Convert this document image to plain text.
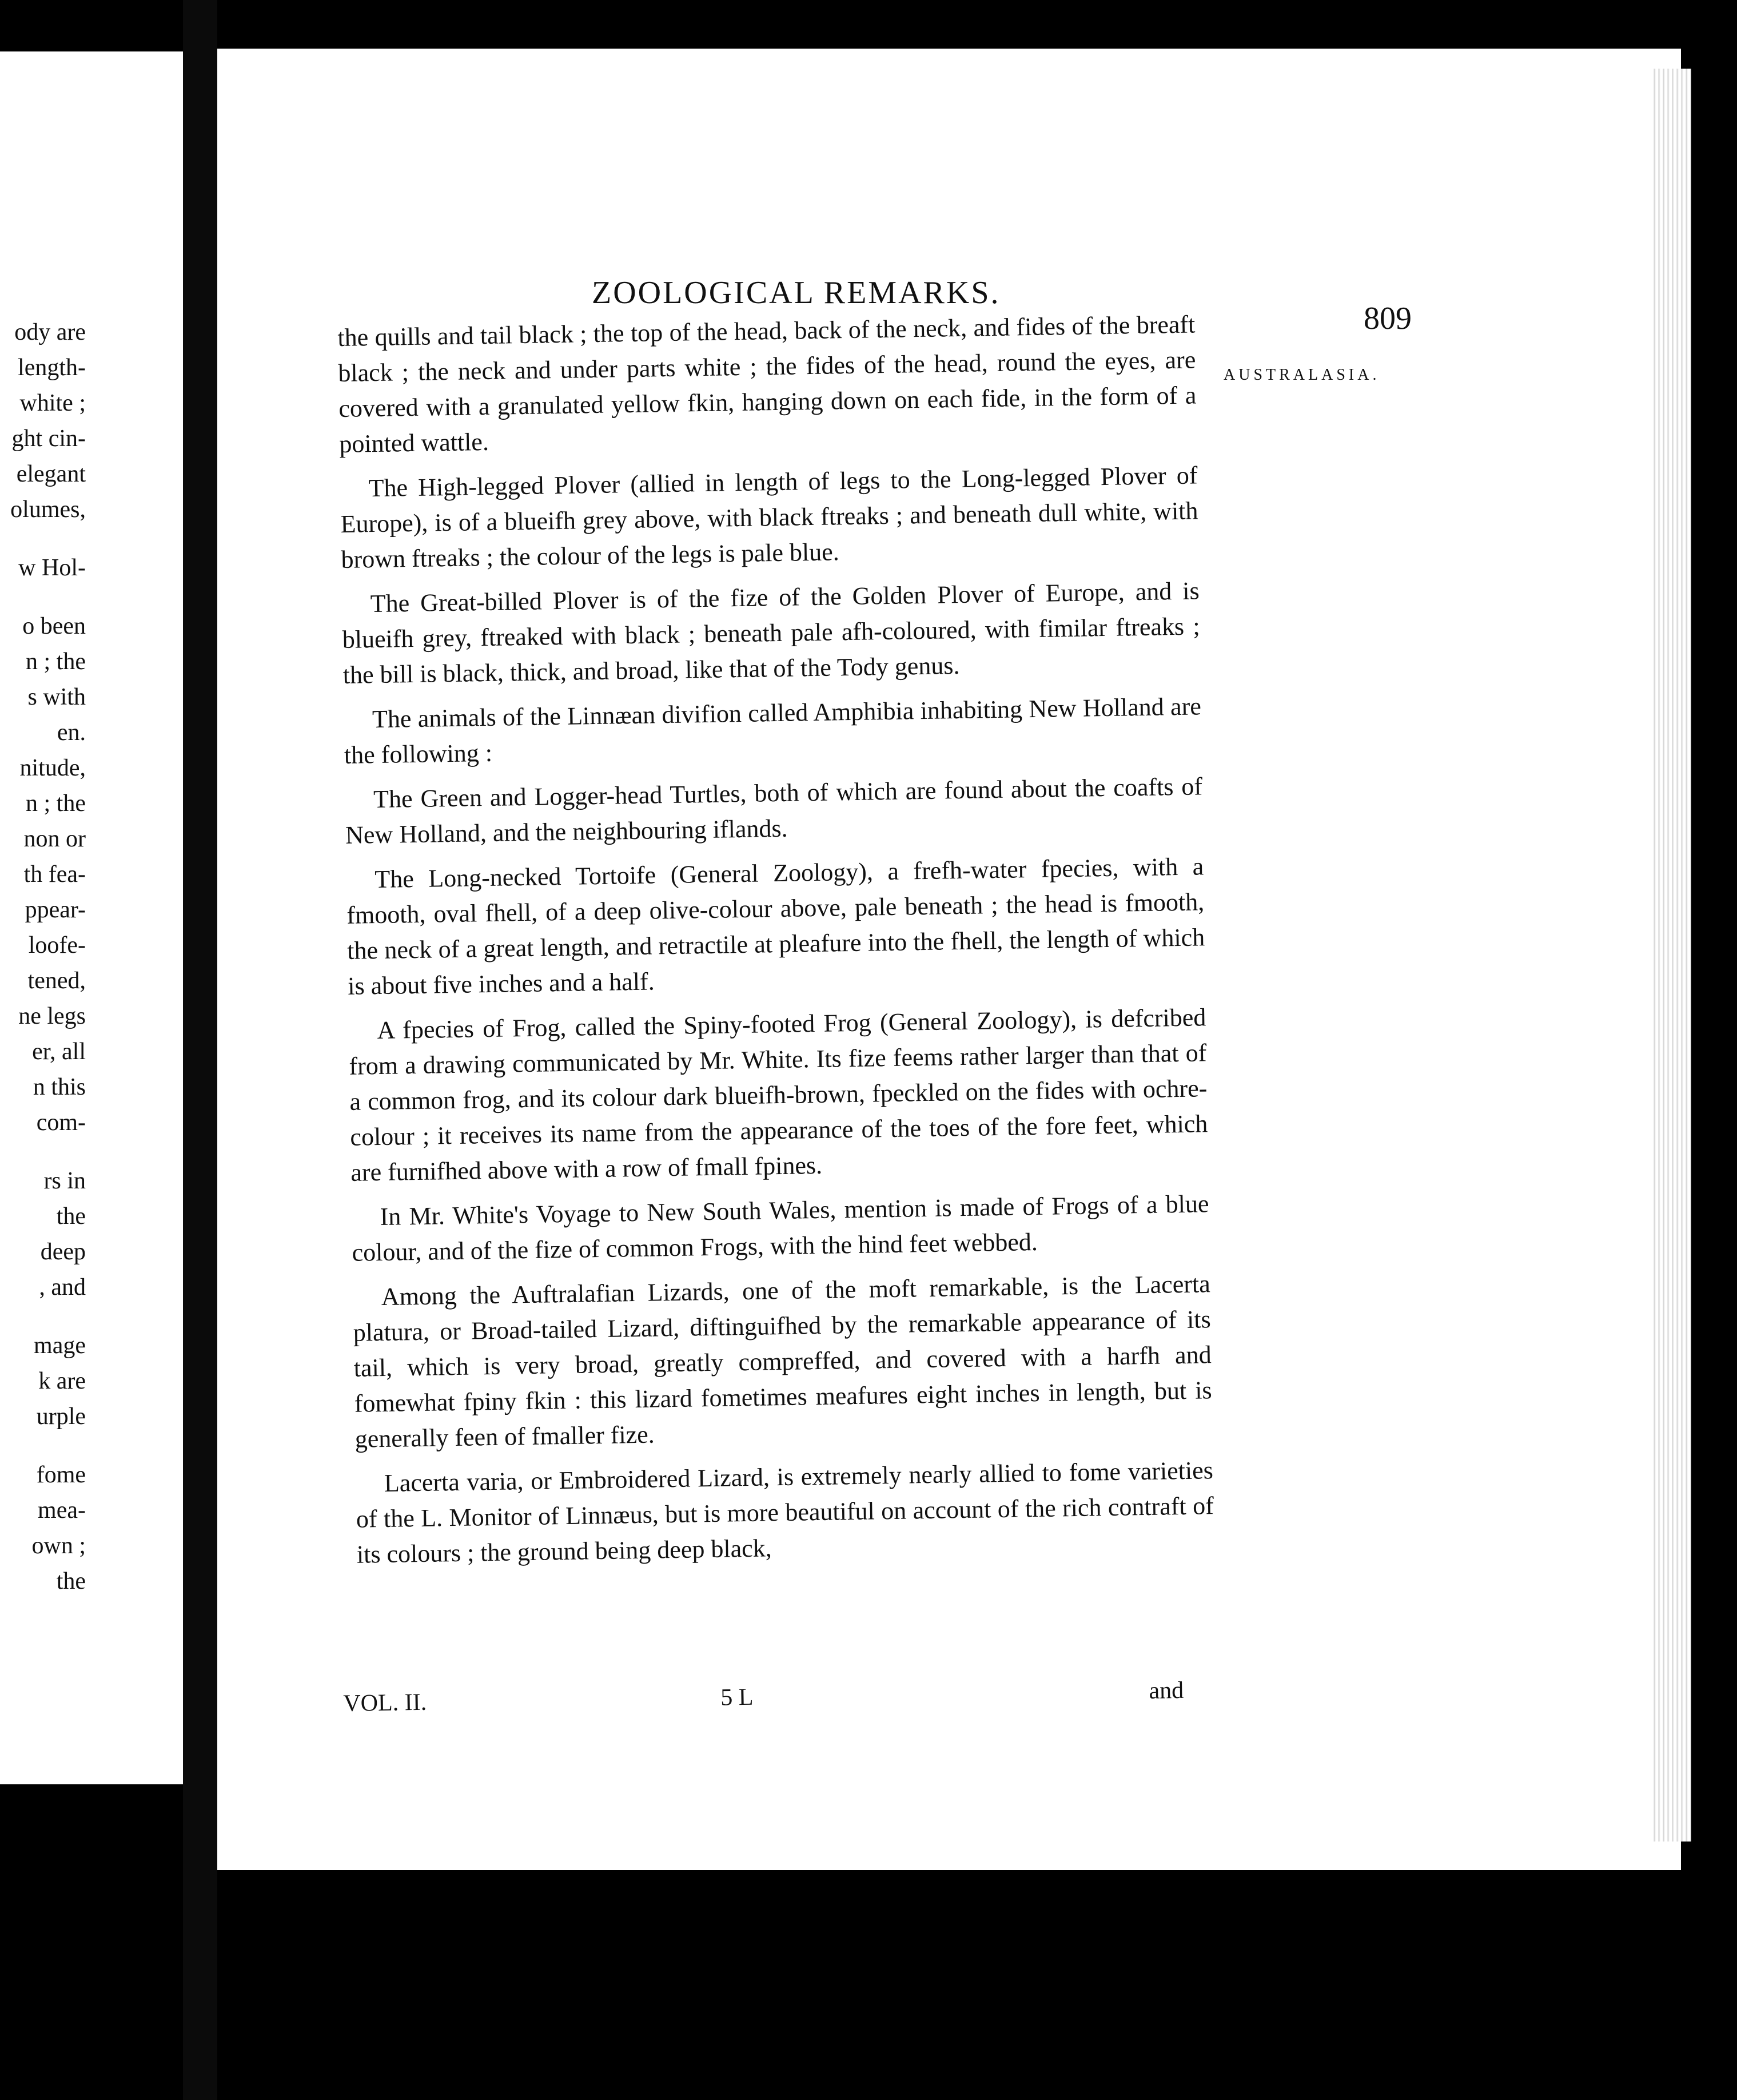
ody are
length-
white ;
ght cin-
elegant
olumes,
w Hol-
o been
n ; the
s with
en.
nitude,
n ; the
non or
th fea-
ppear-
loofe-
tened,
ne legs
er, all
n this
com-
rs in
the
deep
, and
mage
k are
urple
fome
mea-
own ;
the
ZOOLOGICAL REMARKS.
809
AUSTRALASIA.

the quills and tail black ; the top of the head, back of the neck, and fides of the breaft black ; the neck and under parts white ; the fides of the head, round the eyes, are covered with a granulated yellow fkin, hanging down on each fide, in the form of a pointed wattle.

The High-legged Plover (allied in length of legs to the Long-legged Plover of Europe), is of a blueifh grey above, with black ftreaks ; and beneath dull white, with brown ftreaks ; the colour of the legs is pale blue.

The Great-billed Plover is of the fize of the Golden Plover of Europe, and is blueifh grey, ftreaked with black ; beneath pale afh-coloured, with fimilar ftreaks ; the bill is black, thick, and broad, like that of the Tody genus.

The animals of the Linnæan divifion called Amphibia inhabiting New Holland are the following :

The Green and Logger-head Turtles, both of which are found about the coafts of New Holland, and the neighbouring iflands.

The Long-necked Tortoife (General Zoology), a frefh-water fpecies, with a fmooth, oval fhell, of a deep olive-colour above, pale beneath ; the head is fmooth, the neck of a great length, and retractile at pleafure into the fhell, the length of which is about five inches and a half.

A fpecies of Frog, called the Spiny-footed Frog (General Zoology), is defcribed from a drawing communicated by Mr. White. Its fize feems rather larger than that of a common frog, and its colour dark blueifh-brown, fpeckled on the fides with ochre-colour ; it receives its name from the appearance of the toes of the fore feet, which are furnifhed above with a row of fmall fpines.

In Mr. White's Voyage to New South Wales, mention is made of Frogs of a blue colour, and of the fize of common Frogs, with the hind feet webbed.

Among the Auftralafian Lizards, one of the moft remarkable, is the Lacerta platura, or Broad-tailed Lizard, diftinguifhed by the remarkable appearance of its tail, which is very broad, greatly compreffed, and covered with a harfh and fomewhat fpiny fkin : this lizard fometimes meafures eight inches in length, but is generally feen of fmaller fize.

Lacerta varia, or Embroidered Lizard, is extremely nearly allied to fome varieties of the L. Monitor of Linnæus, but is more beautiful on account of the rich contraft of its colours ; the ground being deep black,

VOL. II.	5 L	and
